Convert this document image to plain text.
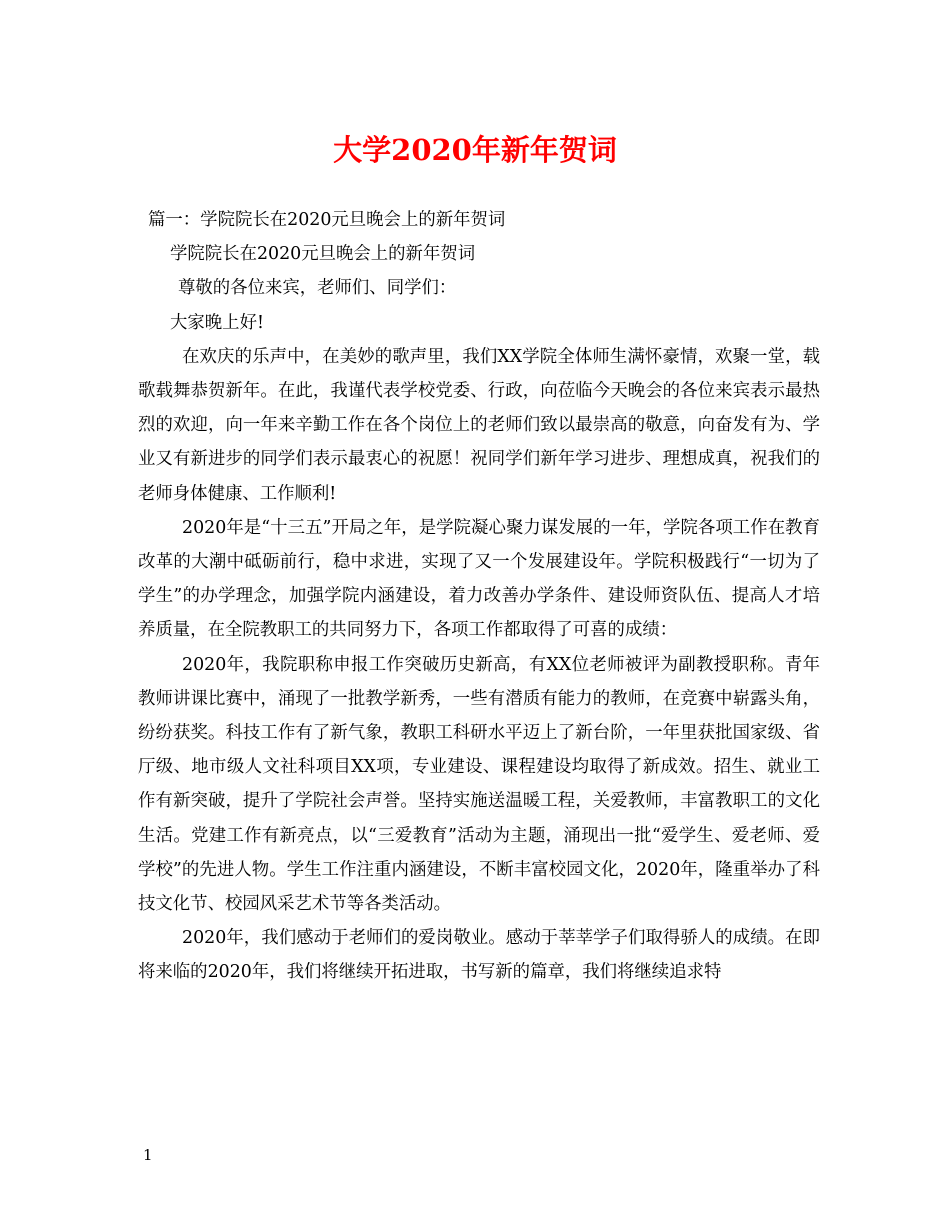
大学2020年新年贺词

篇一：学院院长在2020元旦晚会上的新年贺词

学院院长在2020元旦晚会上的新年贺词

尊敬的各位来宾，老师们、同学们：

大家晚上好!

在欢庆的乐声中，在美妙的歌声里，我们XX学院全体师生满怀豪情，欢聚一堂，载歌载舞恭贺新年。在此，我谨代表学校党委、行政，向莅临今天晚会的各位来宾表示最热烈的欢迎，向一年来辛勤工作在各个岗位上的老师们致以最崇高的敬意，向奋发有为、学业又有新进步的同学们表示最衷心的祝愿！祝同学们新年学习进步、理想成真，祝我们的老师身体健康、工作顺利!

2020年是“十三五”开局之年，是学院凝心聚力谋发展的一年，学院各项工作在教育改革的大潮中砥砺前行，稳中求进，实现了又一个发展建设年。学院积极践行“一切为了学生”的办学理念，加强学院内涵建设，着力改善办学条件、建设师资队伍、提高人才培养质量，在全院教职工的共同努力下，各项工作都取得了可喜的成绩：

2020年，我院职称申报工作突破历史新高，有XX位老师被评为副教授职称。青年教师讲课比赛中，涌现了一批教学新秀，一些有潜质有能力的教师，在竞赛中崭露头角，纷纷获奖。科技工作有了新气象，教职工科研水平迈上了新台阶，一年里获批国家级、省厅级、地市级人文社科项目XX项，专业建设、课程建设均取得了新成效。招生、就业工作有新突破，提升了学院社会声誉。坚持实施送温暖工程，关爱教师，丰富教职工的文化生活。党建工作有新亮点，以“三爱教育”活动为主题，涌现出一批“爱学生、爱老师、爱学校”的先进人物。学生工作注重内涵建设，不断丰富校园文化，2020年，隆重举办了科技文化节、校园风采艺术节等各类活动。

2020年，我们感动于老师们的爱岗敬业。感动于莘莘学子们取得骄人的成绩。在即将来临的2020年，我们将继续开拓进取，书写新的篇章，我们将继续追求特

1
